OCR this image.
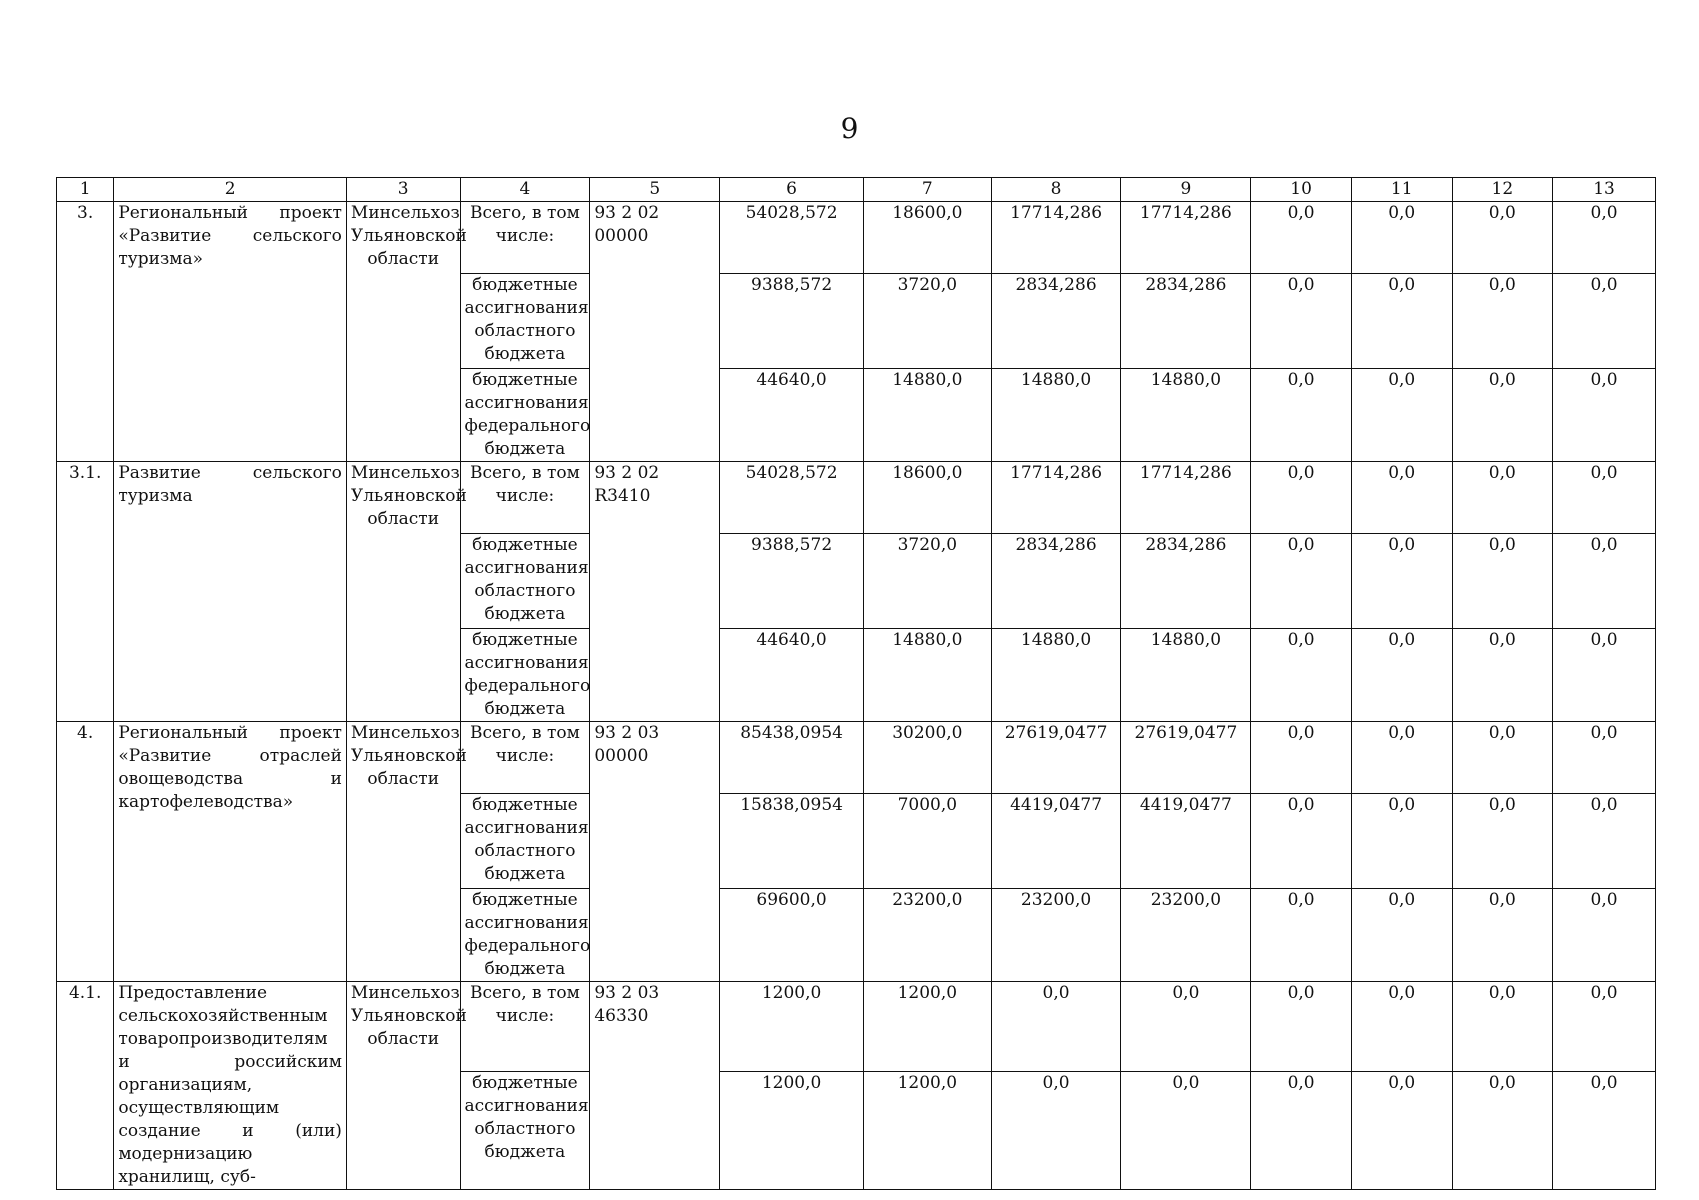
9
1	2	3	4	5	6	7	8	9	10	11	12	13
3.	Региональный проект «Развитие сельского туризма»	Минсельхоз Ульяновской области	Всего, в том числе:	93 2 02 00000	54028,572	18600,0	17714,286	17714,286	0,0	0,0	0,0	0,0
			бюджетные ассигнования областного бюджета		9388,572	3720,0	2834,286	2834,286	0,0	0,0	0,0	0,0
			бюджетные ассигнования федерального бюджета		44640,0	14880,0	14880,0	14880,0	0,0	0,0	0,0	0,0
3.1.	Развитие сельского туризма	Минсельхоз Ульяновской области	Всего, в том числе:	93 2 02 R3410	54028,572	18600,0	17714,286	17714,286	0,0	0,0	0,0	0,0
			бюджетные ассигнования областного бюджета		9388,572	3720,0	2834,286	2834,286	0,0	0,0	0,0	0,0
			бюджетные ассигнования федерального бюджета		44640,0	14880,0	14880,0	14880,0	0,0	0,0	0,0	0,0
4.	Региональный проект «Развитие отраслей овощеводства и картофелеводства»	Минсельхоз Ульяновской области	Всего, в том числе:	93 2 03 00000	85438,0954	30200,0	27619,0477	27619,0477	0,0	0,0	0,0	0,0
			бюджетные ассигнования областного бюджета		15838,0954	7000,0	4419,0477	4419,0477	0,0	0,0	0,0	0,0
			бюджетные ассигнования федерального бюджета		69600,0	23200,0	23200,0	23200,0	0,0	0,0	0,0	0,0
4.1.	Предоставление сельскохозяйственным товаропроизводителям и российским организациям, осуществляющим создание и (или) модернизацию хранилищ, суб-	Минсельхоз Ульяновской области	Всего, в том числе:	93 2 03 46330	1200,0	1200,0	0,0	0,0	0,0	0,0	0,0	0,0
			бюджетные ассигнования областного бюджета		1200,0	1200,0	0,0	0,0	0,0	0,0	0,0	0,0
